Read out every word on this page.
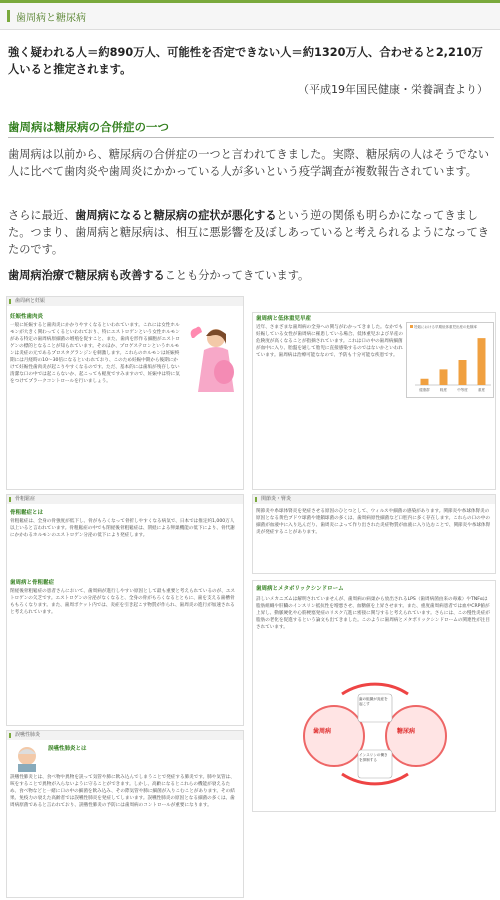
歯周病と糖尿病
強く疑われる人＝約890万人、可能性を否定できない人＝約1320万人、合わせると2,210万人いると推定されます。
（平成19年国民健康・栄養調査より）
歯周病は糖尿病の合併症の一つ
歯周病は以前から、糖尿病の合併症の一つと言われてきました。実際、糖尿病の人はそうでない人に比べて歯肉炎や歯周炎にかかっている人が多いという疫学調査が複数報告されています。
さらに最近、歯周病になると糖尿病の症状が悪化するという逆の関係も明らかになってきました。つまり、歯周病と糖尿病は、相互に悪影響を及ぼしあっていると考えられるようになってきたのです。
歯周病治療で糖尿病も改善することも分かってきています。
歯周病と妊娠
妊娠性歯肉炎
一般に妊娠すると歯肉炎にかかりやすくなるといわれています。これには女性ホルモンが大きく関わってくるといわれており、特にエストロゲンという女性ホルモンがある特定の歯周病原細菌の増殖を促すこと、また、歯肉を形作る細胞がエストロゲンの標的となることが知られています。そのほか、プロゲステロンというホルモンは炎症の元であるプロスタグランジンを刺激します。これらのホルモンは妊娠終期には月経時の10〜30倍になるといわれており、このため妊娠中期から後期にかけて妊娠性歯肉炎が起こりやすくなるのです。ただ、基本的には歯垢が残存しない清潔な口の中では起こらないか、起こっても軽度ですみますので、妊娠中は特に気をつけてプラークコントロールを行いましょう。
歯周病と低体重児早産
近年、さまざまな歯周病の全身への関与がわかってきました。なかでも妊娠している女性が歯周病に罹患している場合、低体重児および早産の危険度が高くなることが指摘されています。これは口の中の歯周病細菌が血中に入り、胎盤を通して胎児に直接感染するのではないかといわれています。歯周病は治療可能ななので、予防も十分可能な疾患です。
妊娠における早期低体重児出産の危険率
健康群	軽度	中等度	重度
骨粗鬆症
骨粗鬆症とは
骨粗鬆症は、全身の骨強度が低下し、骨がもろくなって骨折しやすくなる病気で、日本では推定約1,000万人以上いると言われています。骨粗鬆症の中でも閉経後骨粗鬆症は、閉経による卵巣機能の低下により、骨代謝にかかわるホルモンのエストロゲン分泌の低下により発症します。
歯周病と骨粗鬆症
閉経後骨粗鬆症の患者さんにおいて、歯周病が進行しやすい原因として最も重要と考えられているのが、エストロゲンの欠乏です。エストロゲンの分泌がなくなると、全身の骨がもろくなるとともに、歯を支える歯槽骨ももろくなります。また、歯周ポケット内では、炎症を引き起こす物質が作られ、歯周炎の進行が加速されると考えられています。
関節炎・腎炎
関節炎や糸球体腎炎を発症させる原因のひとつとして、ウィルスや細菌の感染があります。関節炎や糸球体腎炎の原因となる黄色ブドウ球菌や連鎖球菌の多くは、歯周病原性細菌など口腔内に多く存在します。これらの口の中の細菌が血液中に入り込んだり、歯周炎によって作り出された炎症物質が血液に入り込むことで、関節炎や糸球体腎炎が発症することがあります。
歯周病とメタボリックシンドローム
詳しいメカニズムは解明されていませんが、歯周病の病巣から放出されるLPS（歯周病菌由来の毒素）やTNFαは脂肪組織や肝臓のインスリン抵抗性を増悪させ、血糖値を上昇させます。また、重度歯周病患者では血中CRP値が上昇し、動脈硬化や心筋梗塞発症のリスク亢進に密接に関与すると考えられています。さらには、この慢性炎症が脂肪の老化を促進するという論文も出てきました。このように歯周病とメタボリックシンドロームの関連性が注目されています。
歯周病	糖尿病
歯の組織が炎症を起こす
インスリンの働きを抑制する
誤嚥性肺炎
誤嚥性肺炎とは
誤嚥性肺炎とは、食べ物や異物を誤って気管や肺に飲み込んでしまうことで発症する肺炎です。肺や気管は、咳をすることで異物が入らないように守ることができます。しかし、高齢になるとこれらの機能が衰えるため、食べ物などと一緒に口の中の細菌を飲み込み、その際気管や肺に細菌が入りこむことがあります。その結果、免疫力の衰えた高齢者では誤嚥性肺炎を発症してしまいます。誤嚥性肺炎の原因となる細菌の多くは、歯周病原菌であると言われており、誤嚥性肺炎の予防には歯周病のコントロールが重要になります。
